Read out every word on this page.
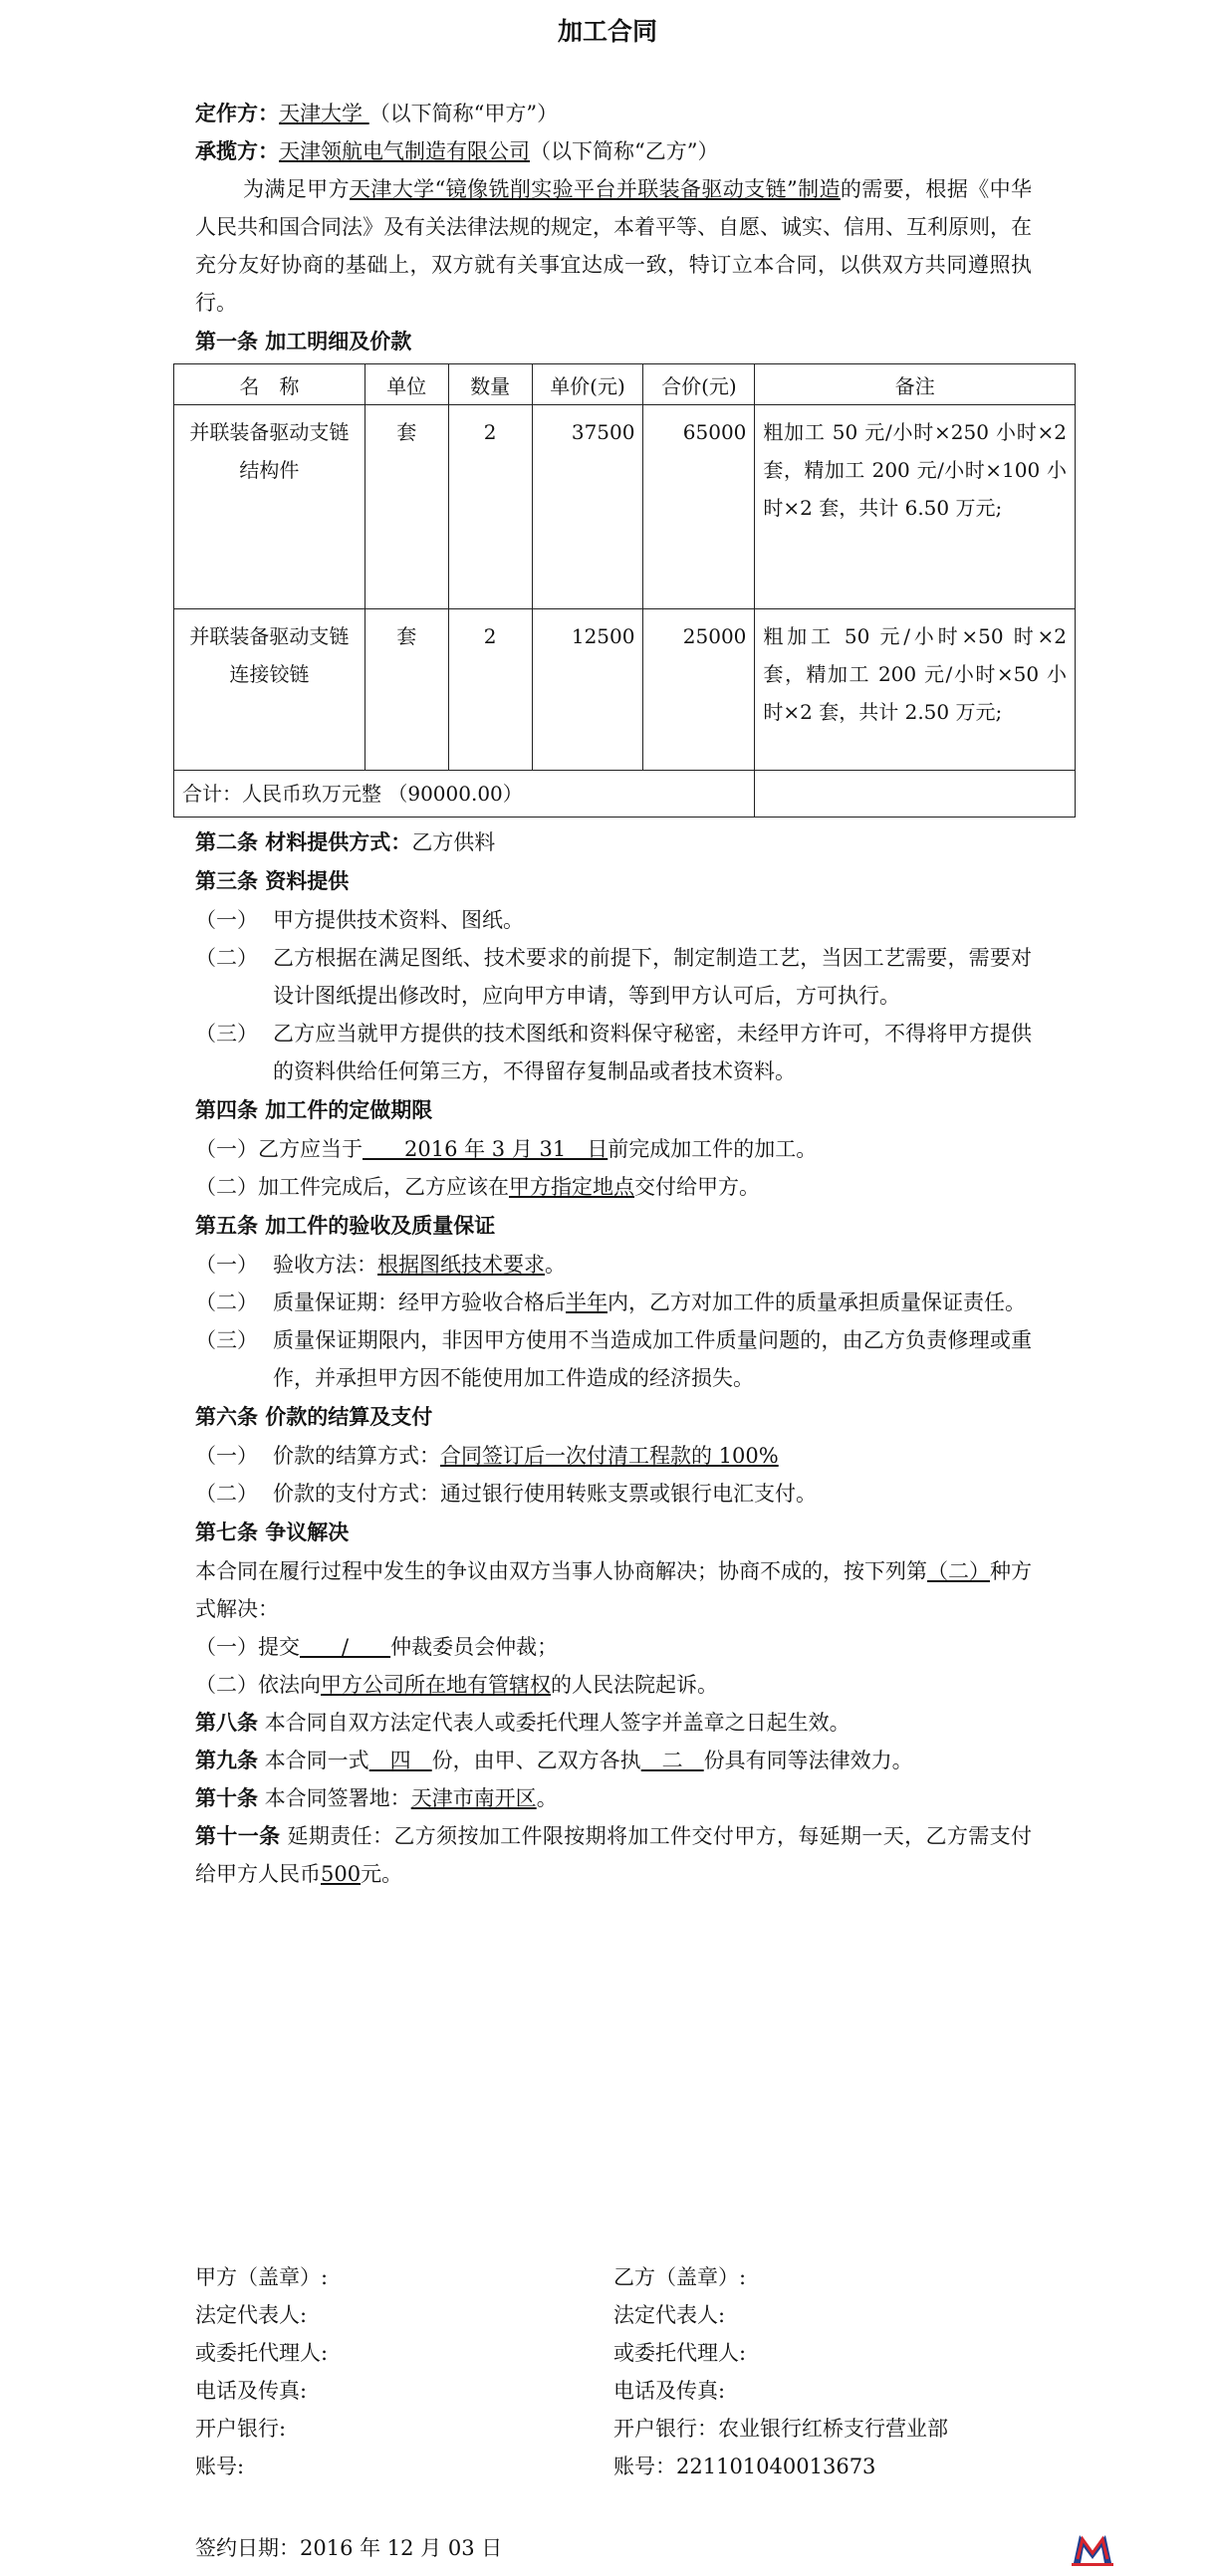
加工合同
定作方：天津大学 （以下简称“甲方”）
承揽方：天津领航电气制造有限公司（以下简称“乙方”）
为满足甲方天津大学“镜像铣削实验平台并联装备驱动支链”制造的需要，根据《中华人民共和国合同法》及有关法律法规的规定，本着平等、自愿、诚实、信用、互利原则，在充分友好协商的基础上，双方就有关事宜达成一致，特订立本合同，以供双方共同遵照执行。
第一条 加工明细及价款
名　称	单位	数量	单价(元)	合价(元)	备注
并联装备驱动支链结构件	套	2	37500	65000	粗加工 50 元/小时×250 小时×2 套，精加工 200 元/小时×100 小时×2 套，共计 6.50 万元;
并联装备驱动支链连接铰链	套	2	12500	25000	粗加工 50 元/小时×50 时×2 套，精加工 200 元/小时×50 小时×2 套，共计 2.50 万元;
合计：人民币玖万元整 （90000.00）					
第二条 材料提供方式：乙方供料
第三条 资料提供
（一） 甲方提供技术资料、图纸。
（二） 乙方根据在满足图纸、技术要求的前提下，制定制造工艺，当因工艺需要，需要对设计图纸提出修改时，应向甲方申请，等到甲方认可后，方可执行。
（三） 乙方应当就甲方提供的技术图纸和资料保守秘密，未经甲方许可，不得将甲方提供　　 的资料供给任何第三方，不得留存复制品或者技术资料。
第四条 加工件的定做期限
（一）乙方应当于　　2016 年 3 月 31　日前完成加工件的加工。
（二）加工件完成后，乙方应该在甲方指定地点交付给甲方。
第五条 加工件的验收及质量保证
（一） 验收方法：根据图纸技术要求。
（二） 质量保证期：经甲方验收合格后半年内，乙方对加工件的质量承担质量保证责任。
（三） 质量保证期限内，非因甲方使用不当造成加工件质量问题的，由乙方负责修理或重作，并承担甲方因不能使用加工件造成的经济损失。
第六条 价款的结算及支付
（一） 价款的结算方式：合同签订后一次付清工程款的 100%
（二） 价款的支付方式：通过银行使用转账支票或银行电汇支付。
第七条 争议解决
本合同在履行过程中发生的争议由双方当事人协商解决；协商不成的，按下列第（二）种方式解决：
（一）提交　　/　　仲裁委员会仲裁；
（二）依法向甲方公司所在地有管辖权的人民法院起诉。
第八条 本合同自双方法定代表人或委托代理人签字并盖章之日起生效。
第九条 本合同一式　四　份，由甲、乙双方各执　二　份具有同等法律效力。
第十条 本合同签署地：天津市南开区。
第十一条 延期责任：乙方须按加工件限按期将加工件交付甲方，每延期一天，乙方需支付给甲方人民币500元。
甲方（盖章）:	乙方（盖章）:
法定代表人:	法定代表人:
或委托代理人:	或委托代理人:
电话及传真:	电话及传真:
开户银行:	开户银行：农业银行红桥支行营业部
账号:	账号：221101040013673
签约日期：2016 年 12 月 03 日
